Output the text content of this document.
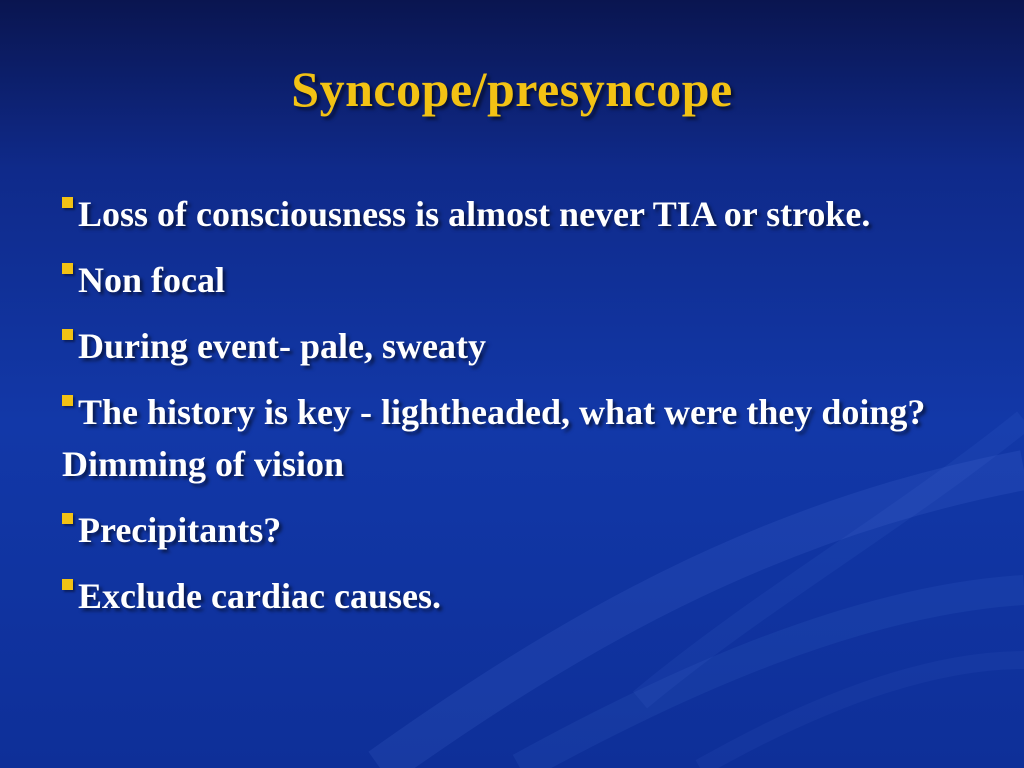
Syncope/presyncope
Loss of consciousness is almost never TIA or stroke.
Non focal
During event- pale, sweaty
The history is key - lightheaded, what were they doing? Dimming of vision
Precipitants?
Exclude cardiac causes.
